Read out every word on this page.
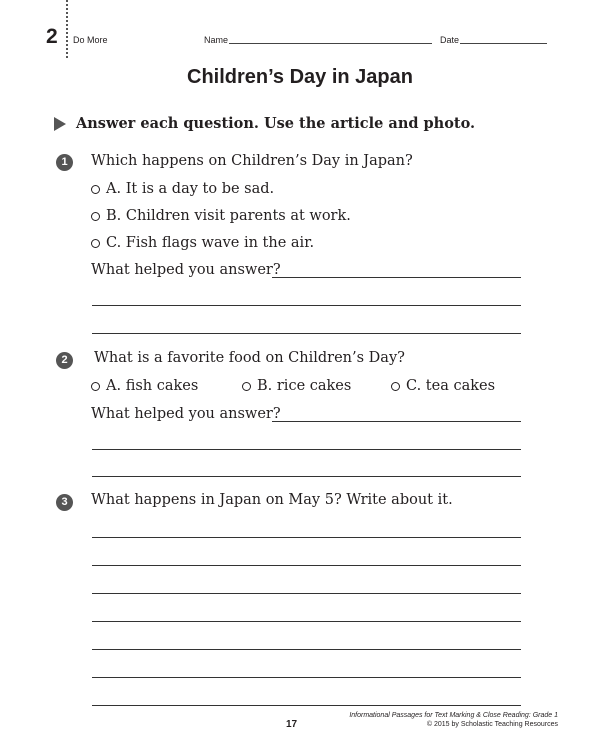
2 Do More	Name	Date
Children’s Day in Japan
Answer each question. Use the article and photo.
1	Which happens on Children’s Day in Japan?
A. It is a day to be sad.
B. Children visit parents at work.
C. Fish flags wave in the air.
What helped you answer?
2	What is a favorite food on Children’s Day?
A. fish cakes	B. rice cakes	C. tea cakes
What helped you answer?
3	What happens in Japan on May 5? Write about it.
17
Informational Passages for Text Marking & Close Reading: Grade 1
© 2015 by Scholastic Teaching Resources
